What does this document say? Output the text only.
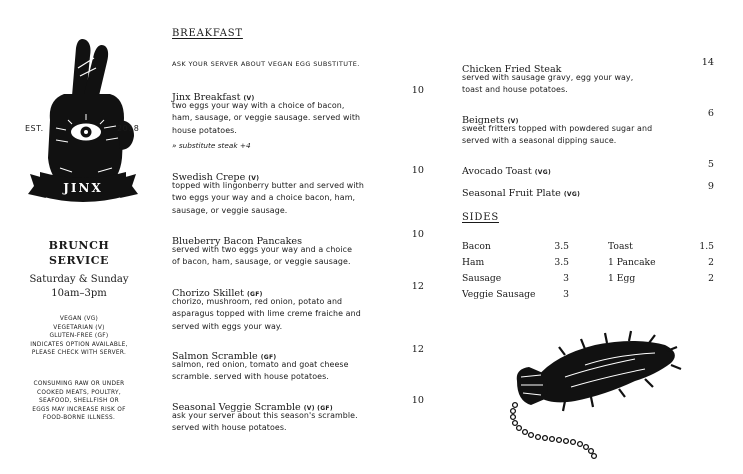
JINX
EST.	2018
BRUNCH
SERVICE
Saturday & Sunday
10am–3pm
VEGAN (VG)
VEGETARIAN (V)
GLUTEN-FREE (GF)
INDICATES OPTION AVAILABLE,
PLEASE CHECK WITH SERVER.
CONSUMING RAW OR UNDER
COOKED MEATS, POULTRY,
SEAFOOD, SHELLFISH OR
EGGS MAY INCREASE RISK OF
FOOD-BORNE ILLNESS.
BREAKFAST
ASK YOUR SERVER ABOUT VEGAN EGG SUBSTITUTE.
Jinx Breakfast (V)
10
two eggs your way with a choice of bacon,
ham, sausage, or veggie sausage. served with
house potatoes.
» substitute steak +4
Swedish Crepe (V)
10
topped with lingonberry butter and served with
two eggs your way and a choice bacon, ham,
sausage, or veggie sausage.
Blueberry Bacon Pancakes
10
served with two eggs your way and a choice
of bacon, ham, sausage, or veggie sausage.
Chorizo Skillet (GF)
12
chorizo, mushroom, red onion, potato and
asparagus topped with lime creme fraiche and
served with eggs your way.
Salmon Scramble (GF)
12
salmon, red onion, tomato and goat cheese
scramble. served with house potatoes.
Seasonal Veggie Scramble (V) (GF)
10
ask your server about this season's scramble.
served with house potatoes.
Chicken Fried Steak
14
served with sausage gravy, egg your way,
toast and house potatoes.
Beignets (V)
6
sweet fritters topped with powdered sugar and
served with a seasonal dipping sauce.
Avocado Toast (VG)
5
Seasonal Fruit Plate (VG)
9
SIDES
Bacon	3.5
Ham	3.5
Sausage	3
Veggie Sausage	3
Toast	1.5
1 Pancake	2
1 Egg	2
